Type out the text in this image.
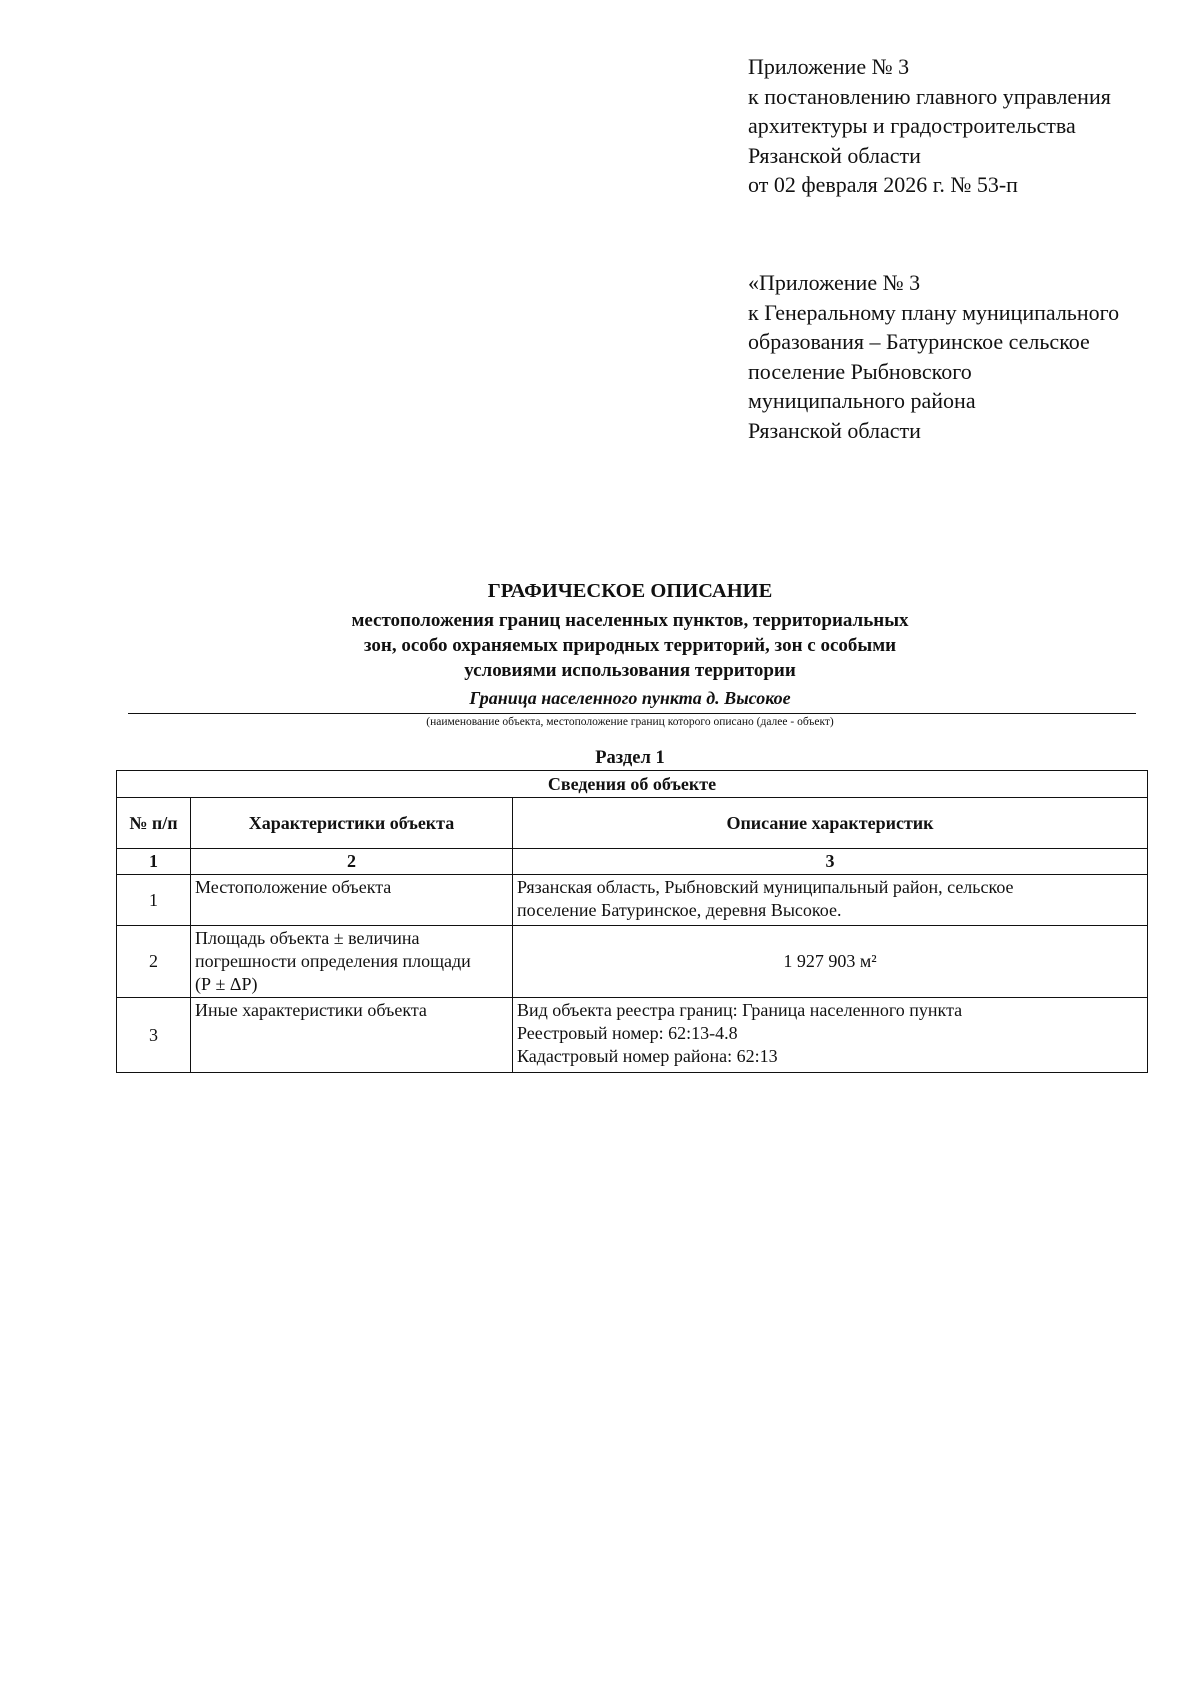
Приложение № 3
к постановлению главного управления
архитектуры и градостроительства
Рязанской области
от 02 февраля 2026 г. № 53-п
«Приложение № 3
к Генеральному плану муниципального
образования – Батуринское сельское
поселение Рыбновского
муниципального района
Рязанской области
ГРАФИЧЕСКОЕ ОПИСАНИЕ
местоположения границ населенных пунктов, территориальных
зон, особо охраняемых природных территорий, зон с особыми
условиями использования территории
Граница населенного пункта д. Высокое
(наименование объекта, местоположение границ которого описано (далее - объект)
Раздел 1
Сведения об объекте		
№ п/п	Характеристики объекта	Описание характеристик
1	2	3
1	Местоположение объекта	Рязанская область, Рыбновский муниципальный район, сельское
поселение Батуринское, деревня Высокое.

2	Площадь объекта ± величина
погрешности определения площади
(Р ± ΔР)	1 927 903 м²
3	Иные характеристики объекта	Вид объекта реестра границ: Граница населенного пункта
Реестровый номер: 62:13-4.8
Кадастровый номер района: 62:13
